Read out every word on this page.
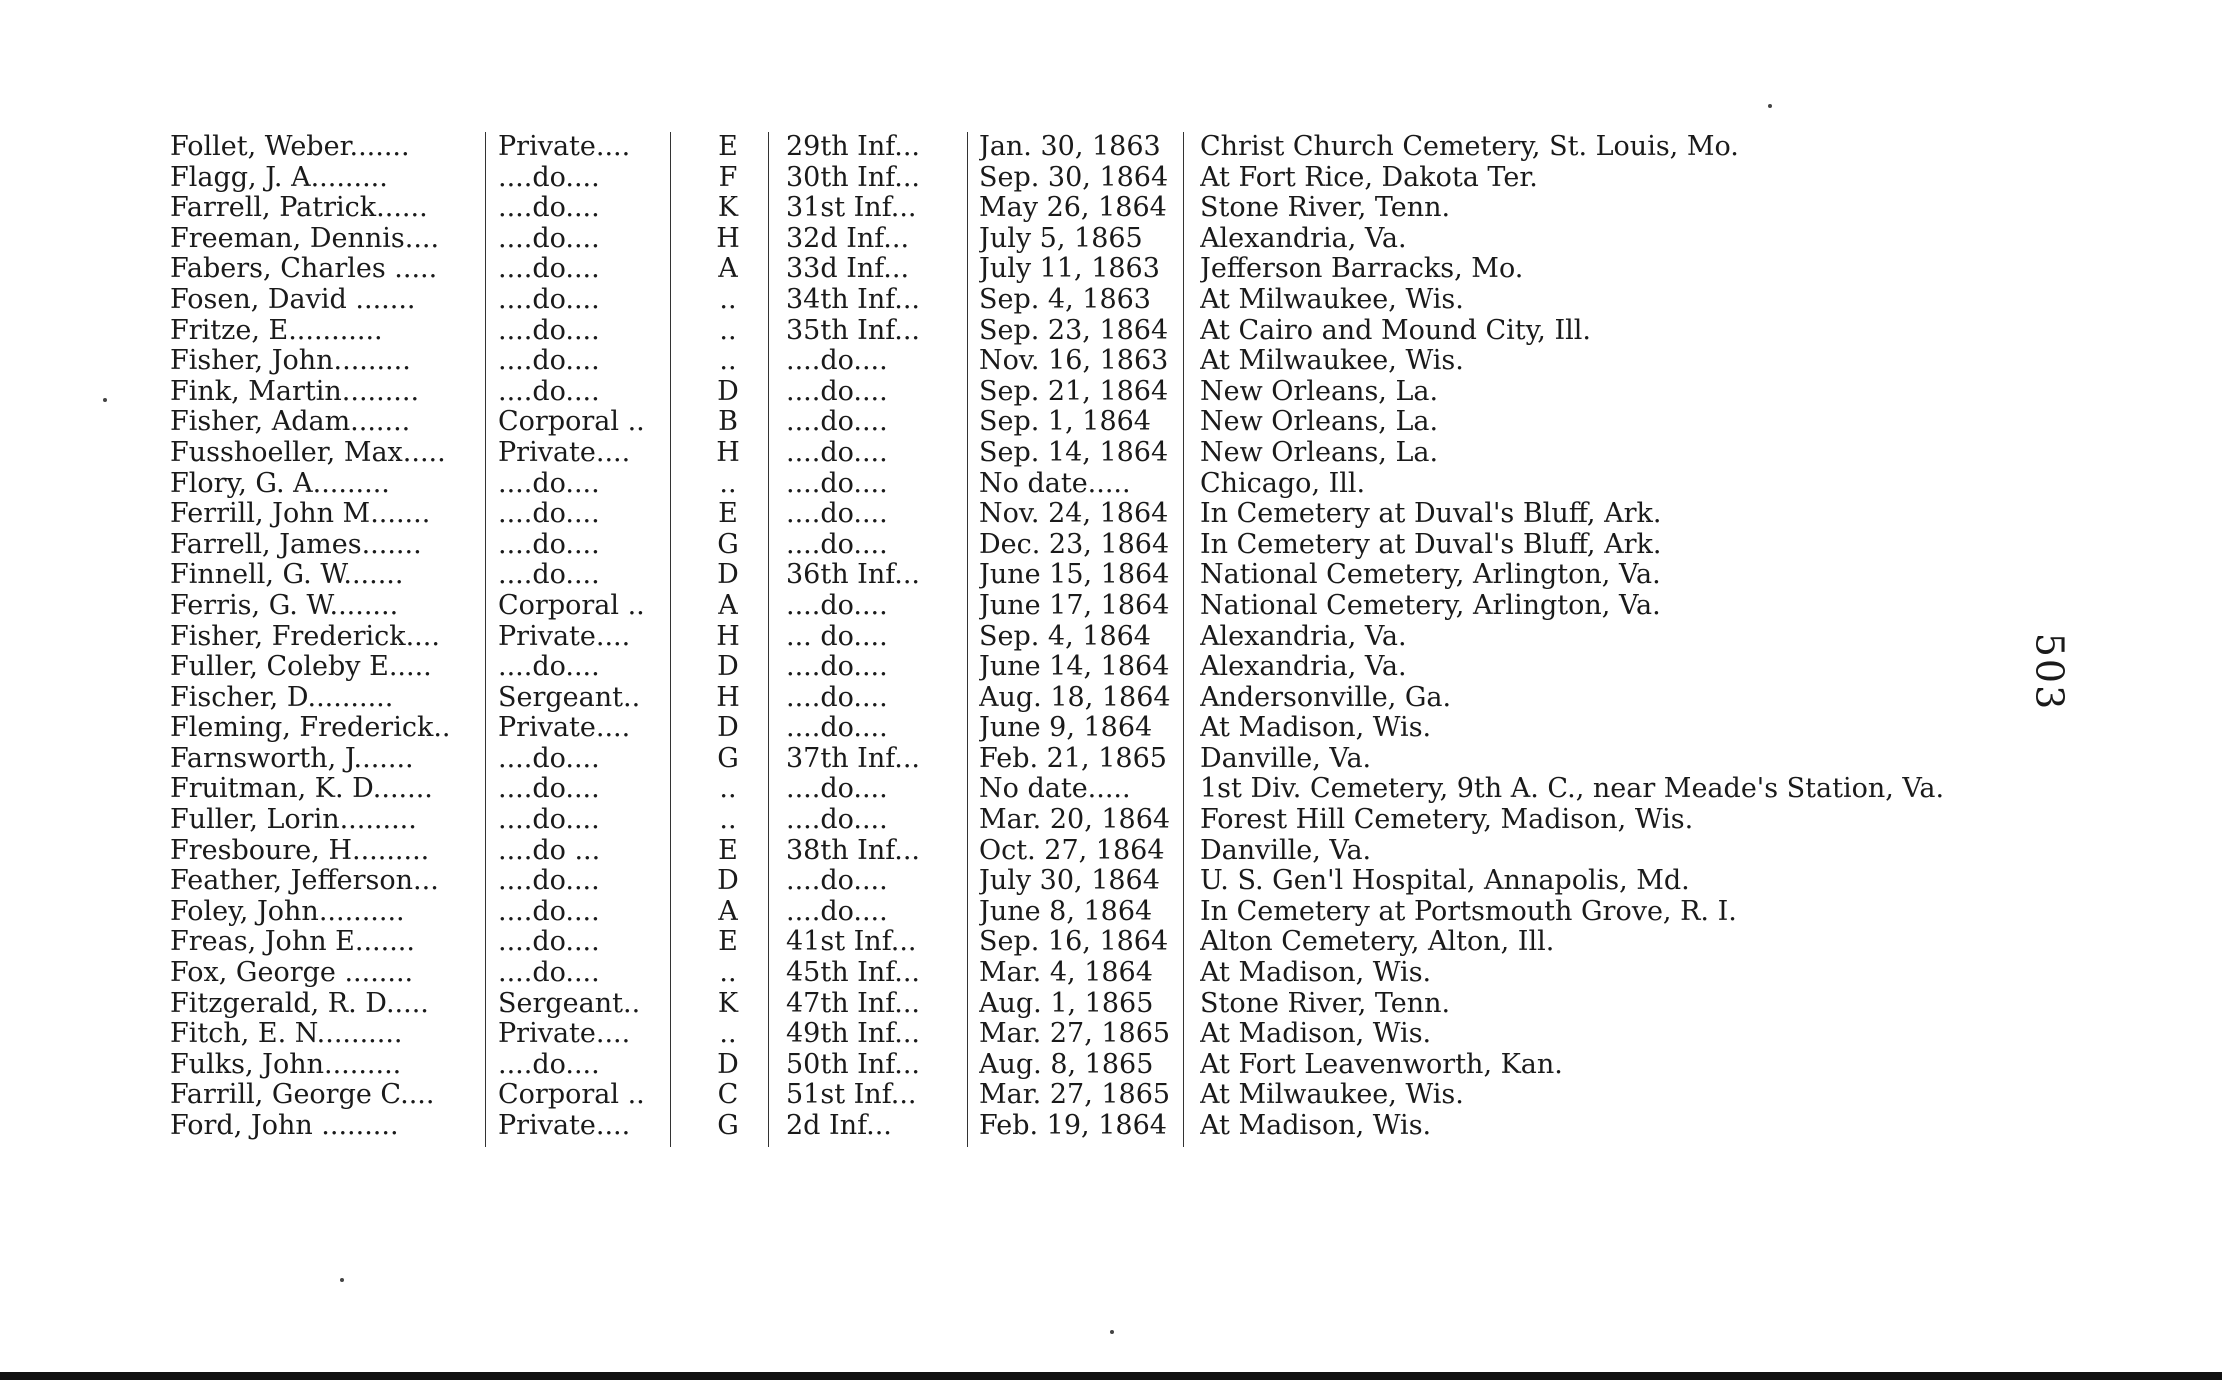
Follet, Weber.......	Private....	E	29th Inf...	Jan. 30, 1863	Christ Church Cemetery, St. Louis, Mo.
Flagg, J. A.........	....do....	F	30th Inf...	Sep. 30, 1864	At Fort Rice, Dakota Ter.
Farrell, Patrick......	....do....	K	31st Inf...	May 26, 1864	Stone River, Tenn.
Freeman, Dennis....	....do....	H	32d Inf...	July 5, 1865	Alexandria, Va.
Fabers, Charles .....	....do....	A	33d Inf...	July 11, 1863	Jefferson Barracks, Mo.
Fosen, David .......	....do....	..	34th Inf...	Sep. 4, 1863	At Milwaukee, Wis.
Fritze, E...........	....do....	..	35th Inf...	Sep. 23, 1864	At Cairo and Mound City, Ill.
Fisher, John.........	....do....	..	....do....	Nov. 16, 1863	At Milwaukee, Wis.
Fink, Martin.........	....do....	D	....do....	Sep. 21, 1864	New Orleans, La.
Fisher, Adam.......	Corporal ..	B	....do....	Sep. 1, 1864	New Orleans, La.
Fusshoeller, Max.....	Private....	H	....do....	Sep. 14, 1864	New Orleans, La.
Flory, G. A.........	....do....	..	....do....	No date.....	Chicago, Ill.
Ferrill, John M.......	....do....	E	....do....	Nov. 24, 1864	In Cemetery at Duval's Bluff, Ark.
Farrell, James.......	....do....	G	....do....	Dec. 23, 1864	In Cemetery at Duval's Bluff, Ark.
Finnell, G. W.......	....do....	D	36th Inf...	June 15, 1864	National Cemetery, Arlington, Va.
Ferris, G. W........	Corporal ..	A	....do....	June 17, 1864	National Cemetery, Arlington, Va.
Fisher, Frederick....	Private....	H	... do....	Sep. 4, 1864	Alexandria, Va.
Fuller, Coleby E.....	....do....	D	....do....	June 14, 1864	Alexandria, Va.
Fischer, D..........	Sergeant..	H	....do....	Aug. 18, 1864	Andersonville, Ga.
Fleming, Frederick..	Private....	D	....do....	June 9, 1864	At Madison, Wis.
Farnsworth, J.......	....do....	G	37th Inf...	Feb. 21, 1865	Danville, Va.
Fruitman, K. D.......	....do....	..	....do....	No date.....	1st Div. Cemetery, 9th A. C., near Meade's Station, Va.
Fuller, Lorin.........	....do....	..	....do....	Mar. 20, 1864	Forest Hill Cemetery, Madison, Wis.
Fresboure, H.........	....do ...	E	38th Inf...	Oct. 27, 1864	Danville, Va.
Feather, Jefferson...	....do....	D	....do....	July 30, 1864	U. S. Gen'l Hospital, Annapolis, Md.
Foley, John..........	....do....	A	....do....	June 8, 1864	In Cemetery at Portsmouth Grove, R. I.
Freas, John E.......	....do....	E	41st Inf...	Sep. 16, 1864	Alton Cemetery, Alton, Ill.
Fox, George ........	....do....	..	45th Inf...	Mar. 4, 1864	At Madison, Wis.
Fitzgerald, R. D.....	Sergeant..	K	47th Inf...	Aug. 1, 1865	Stone River, Tenn.
Fitch, E. N..........	Private....	..	49th Inf...	Mar. 27, 1865	At Madison, Wis.
Fulks, John.........	....do....	D	50th Inf...	Aug. 8, 1865	At Fort Leavenworth, Kan.
Farrill, George C....	Corporal ..	C	51st Inf...	Mar. 27, 1865	At Milwaukee, Wis.
Ford, John .........	Private....	G	2d Inf...	Feb. 19, 1864	At Madison, Wis.
503
